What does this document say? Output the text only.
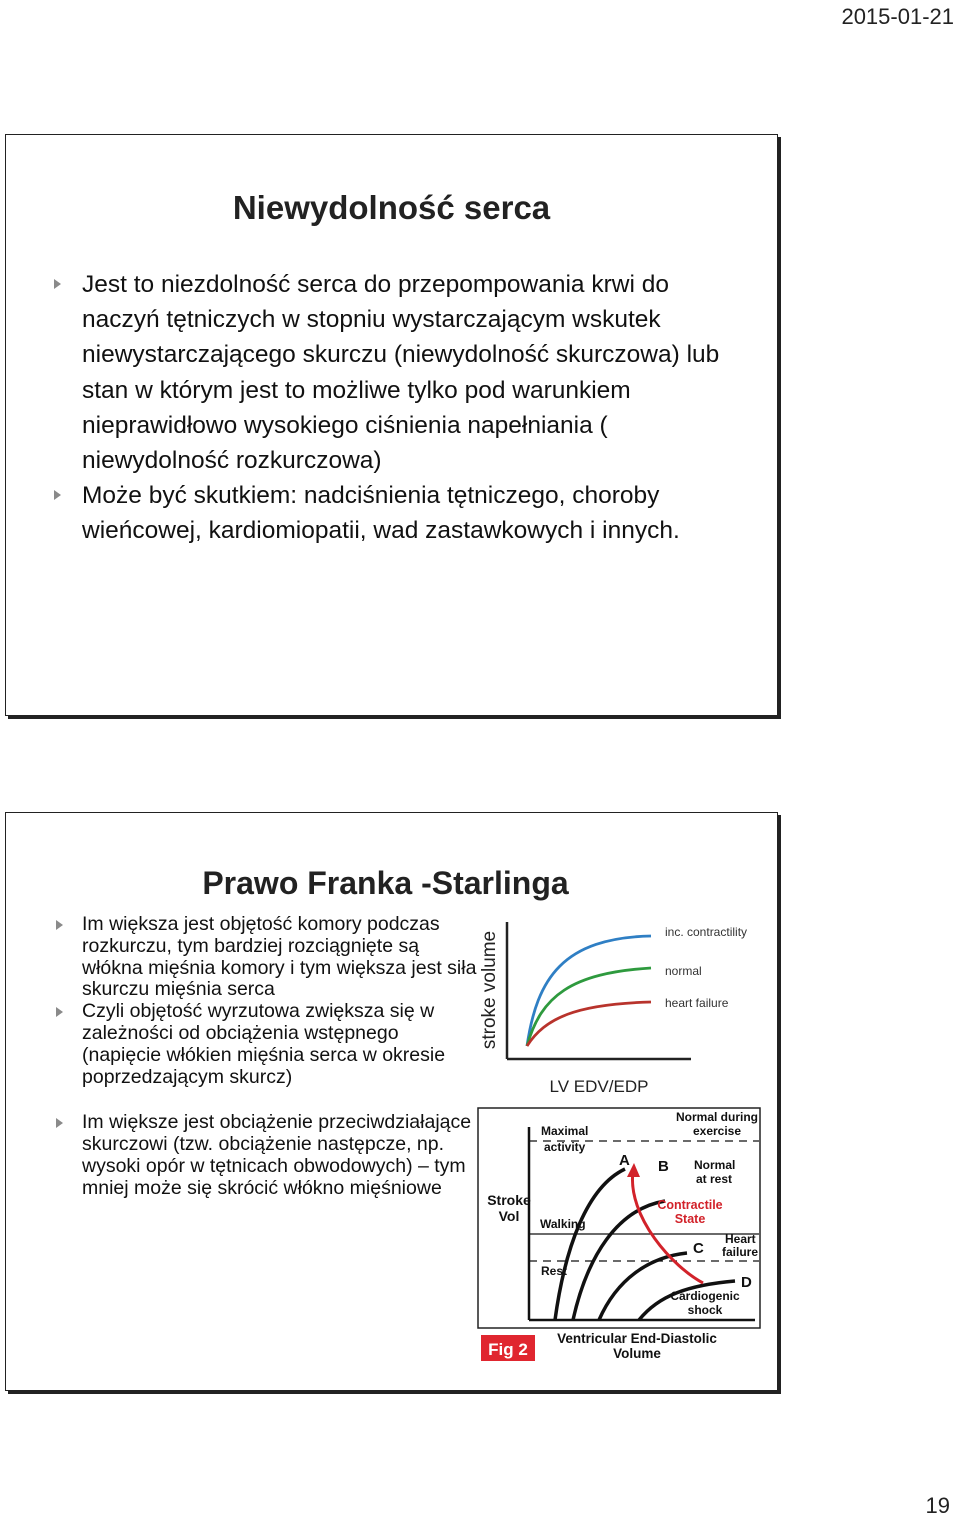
2015-01-21
Niewydolność serca
Jest to niezdolność serca do przepompowania krwi do naczyń tętniczych w stopniu wystarczającym wskutek niewystarczającego skurczu (niewydolność skurczowa) lub stan w którym jest to możliwe tylko pod warunkiem nieprawidłowo wysokiego ciśnienia napełniania ( niewydolność rozkurczowa)
Może być skutkiem: nadciśnienia tętniczego, choroby wieńcowej, kardiomiopatii, wad zastawkowych i innych.
Prawo Franka -Starlinga
Im większa jest objętość komory podczas rozkurczu, tym bardziej rozciągnięte są włókna mięśnia komory i tym większa jest siła skurczu mięśnia serca
Czyli objętość wyrzutowa zwiększa się w zależności od obciążenia wstępnego (napięcie włókien mięśnia serca w okresie poprzedzającym skurcz)
Im większe jest obciążenie przeciwdziałające skurczowi (tzw. obciążenie następcze, np. wysoki opór w tętnicach obwodowych) – tym mniej może się skrócić włókno mięśniowe
stroke volume	inc. contractility
normal
heart failure
LV EDV/EDP
Stroke
Vol
Maximal
activity
Walking
Rest
Normal during
exercise
A B Normal
at rest
Contractile
State
C
Heart
failure
D
Cardiogenic
shock
Fig 2
Ventricular End-Diastolic
Volume
19
